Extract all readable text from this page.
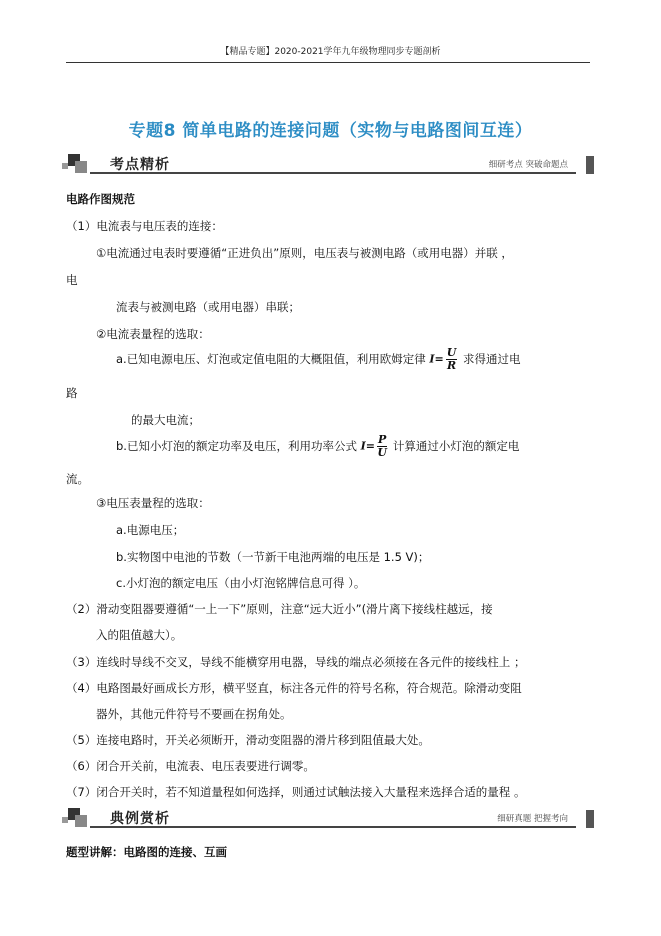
【精品专题】2020-2021学年九年级物理同步专题剖析
专题8 简单电路的连接问题（实物与电路图间互连）
考点精析	细研考点 突破命题点
电路作图规范
（1）电流表与电压表的连接：
①电流通过电表时要遵循“正进负出”原则，电压表与被测电路（或用电器）并联 ，
电
流表与被测电路（或用电器）串联；
②电流表量程的选取：
a.已知电源电压、灯泡或定值电阻的大概阻值，利用欧姆定律 $I= \frac{U}{R}$ 求得通过电
路
的最大电流；
b.已知小灯泡的额定功率及电压，利用功率公式 $I= \frac{P}{U}$ 计算通过小灯泡的额定电
流。
③电压表量程的选取：
a.电源电压；
b.实物图中电池的节数（一节新干电池两端的电压是 1.5 V)；
c.小灯泡的额定电压（由小灯泡铭牌信息可得 ）。
（2）滑动变阻器要遵循“一上一下”原则，注意“远大近小”(滑片离下接线柱越远，接
入的阻值越大）。
（3）连线时导线不交叉，导线不能横穿用电器，导线的端点必须接在各元件的接线柱上 ；
（4）电路图最好画成长方形，横平竖直，标注各元件的符号名称，符合规范。除滑动变阻
器外，其他元件符号不要画在拐角处。
（5）连接电路时，开关必须断开，滑动变阻器的滑片移到阻值最大处。
（6）闭合开关前，电流表、电压表要进行调零。
（7）闭合开关时，若不知道量程如何选择，则通过试触法接入大量程来选择合适的量程 。
典例赏析	细研真题 把握考向
题型讲解：电路图的连接、互画
